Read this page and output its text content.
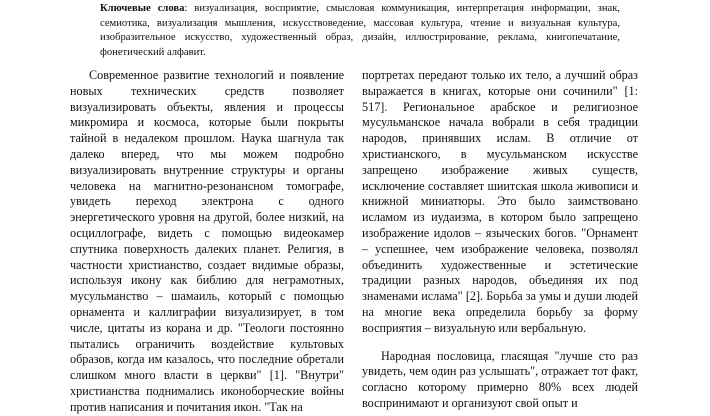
Ключевые слова: визуализация, восприятие, смысловая коммуникация, интерпретация информации, знак, семиотика, визуализация мышления, искусствоведение, массовая культура, чтение и визуальная культура, изобразительное искусство, художественный образ, дизайн, иллюстрирование, реклама, книгопечатание, фонетический алфавит.

Современное развитие технологий и появление новых технических средств позволяет визуализировать объекты, явления и процессы микромира и космоса, которые были покрыты тайной в недалеком прошлом. Наука шагнула так далеко вперед, что мы можем подробно визуализировать внутренние структуры и органы человека на магнитно-резонансном томографе, увидеть переход электрона с одного энергетического уровня на другой, более низкий, на осциллографе, видеть с помощью видеокамер спутника поверхность далеких планет. Религия, в частности христианство, создает видимые образы, используя икону как библию для неграмотных, мусульманство – шамаиль, который с помощью орнамента и каллиграфии визуализирует, в том числе, цитаты из корана и др. "Теологи постоянно пытались ограничить воздействие культовых образов, когда им казалось, что последние обретали слишком много власти в церкви" [1]. "Внутри" христианства поднимались иконоборческие войны против написания и почитания икон. "Так на

портретах передают только их тело, а лучший образ выражается в книгах, которые они сочинили" [1: 517]. Региональное арабское и религиозное мусульманское начала вобрали в себя традиции народов, принявших ислам. В отличие от христианского, в мусульманском искусстве запрещено изображение живых существ, исключение составляет шиитская школа живописи и книжной миниатюры. Это было заимствовано исламом из иудаизма, в котором было запрещено изображение идолов – языческих богов. "Орнамент – успешнее, чем изображение человека, позволял объединить художественные и эстетические традиции разных народов, объединяя их под знаменами ислама" [2]. Борьба за умы и души людей на многие века определила борьбу за форму восприятия – визуальную или вербальную.

Народная пословица, гласящая "лучше сто раз увидеть, чем один раз услышать", отражает тот факт, согласно которому примерно 80% всех людей воспринимают и организуют свой опыт и
